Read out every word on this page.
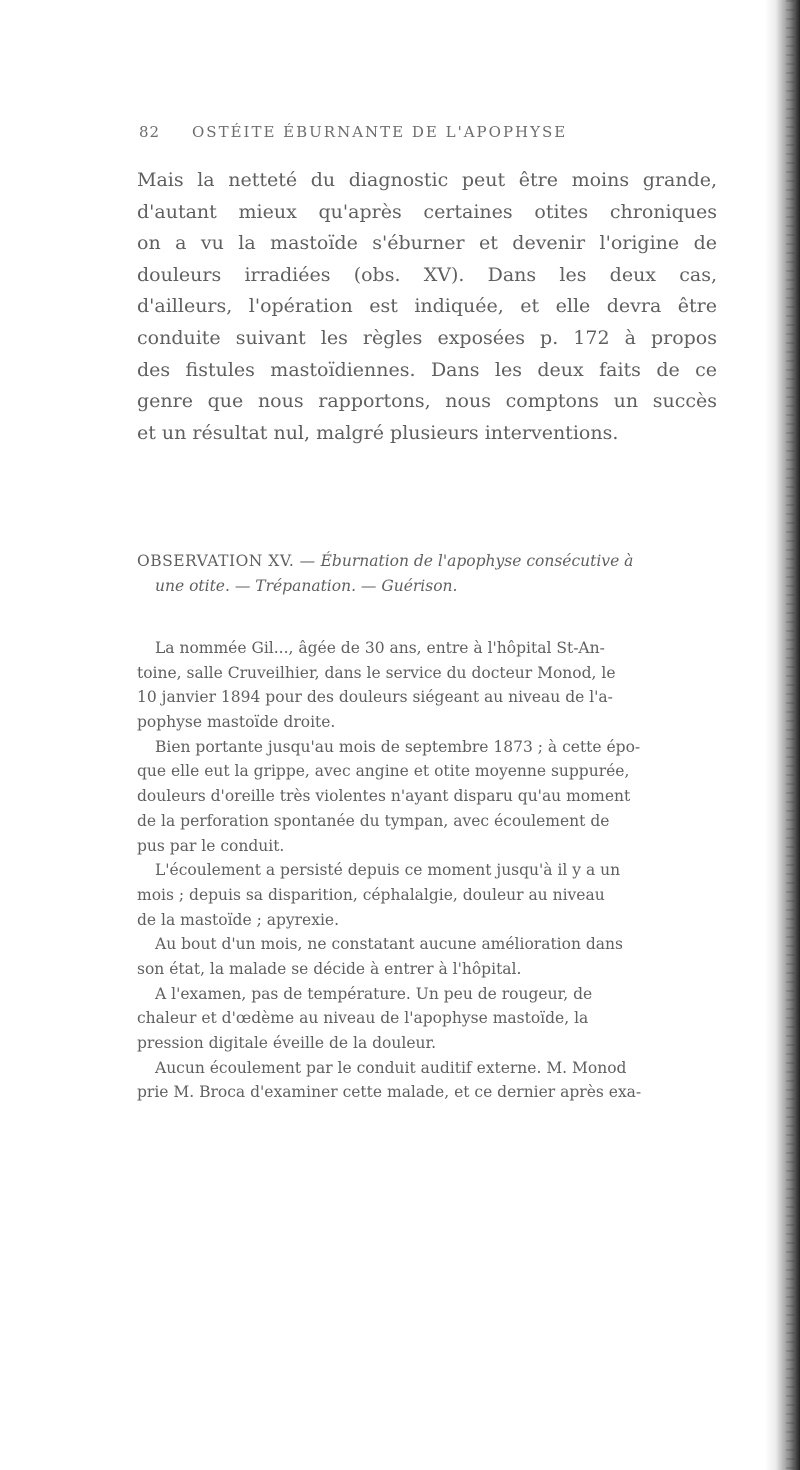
82 OSTÉITE ÉBURNANTE DE L'APOPHYSE
Mais la netteté du diagnostic peut être moins grande,
d'autant mieux qu'après certaines otites chroniques
on a vu la mastoïde s'éburner et devenir l'origine de
douleurs irradiées (obs. XV). Dans les deux cas,
d'ailleurs, l'opération est indiquée, et elle devra être
conduite suivant les règles exposées p. 172 à propos
des fistules mastoïdiennes. Dans les deux faits de ce
genre que nous rapportons, nous comptons un succès
et un résultat nul, malgré plusieurs interventions.
OBSERVATION XV. — Éburnation de l'apophyse consécutive à
une otite. — Trépanation. — Guérison.
La nommée Gil..., âgée de 30 ans, entre à l'hôpital St-An-
toine, salle Cruveilhier, dans le service du docteur Monod, le
10 janvier 1894 pour des douleurs siégeant au niveau de l'a-
pophyse mastoïde droite.
Bien portante jusqu'au mois de septembre 1873 ; à cette épo-
que elle eut la grippe, avec angine et otite moyenne suppurée,
douleurs d'oreille très violentes n'ayant disparu qu'au moment
de la perforation spontanée du tympan, avec écoulement de
pus par le conduit.
L'écoulement a persisté depuis ce moment jusqu'à il y a un
mois ; depuis sa disparition, céphalalgie, douleur au niveau
de la mastoïde ; apyrexie.
Au bout d'un mois, ne constatant aucune amélioration dans
son état, la malade se décide à entrer à l'hôpital.
A l'examen, pas de température. Un peu de rougeur, de
chaleur et d'œdème au niveau de l'apophyse mastoïde, la
pression digitale éveille de la douleur.
Aucun écoulement par le conduit auditif externe. M. Monod
prie M. Broca d'examiner cette malade, et ce dernier après exa-
